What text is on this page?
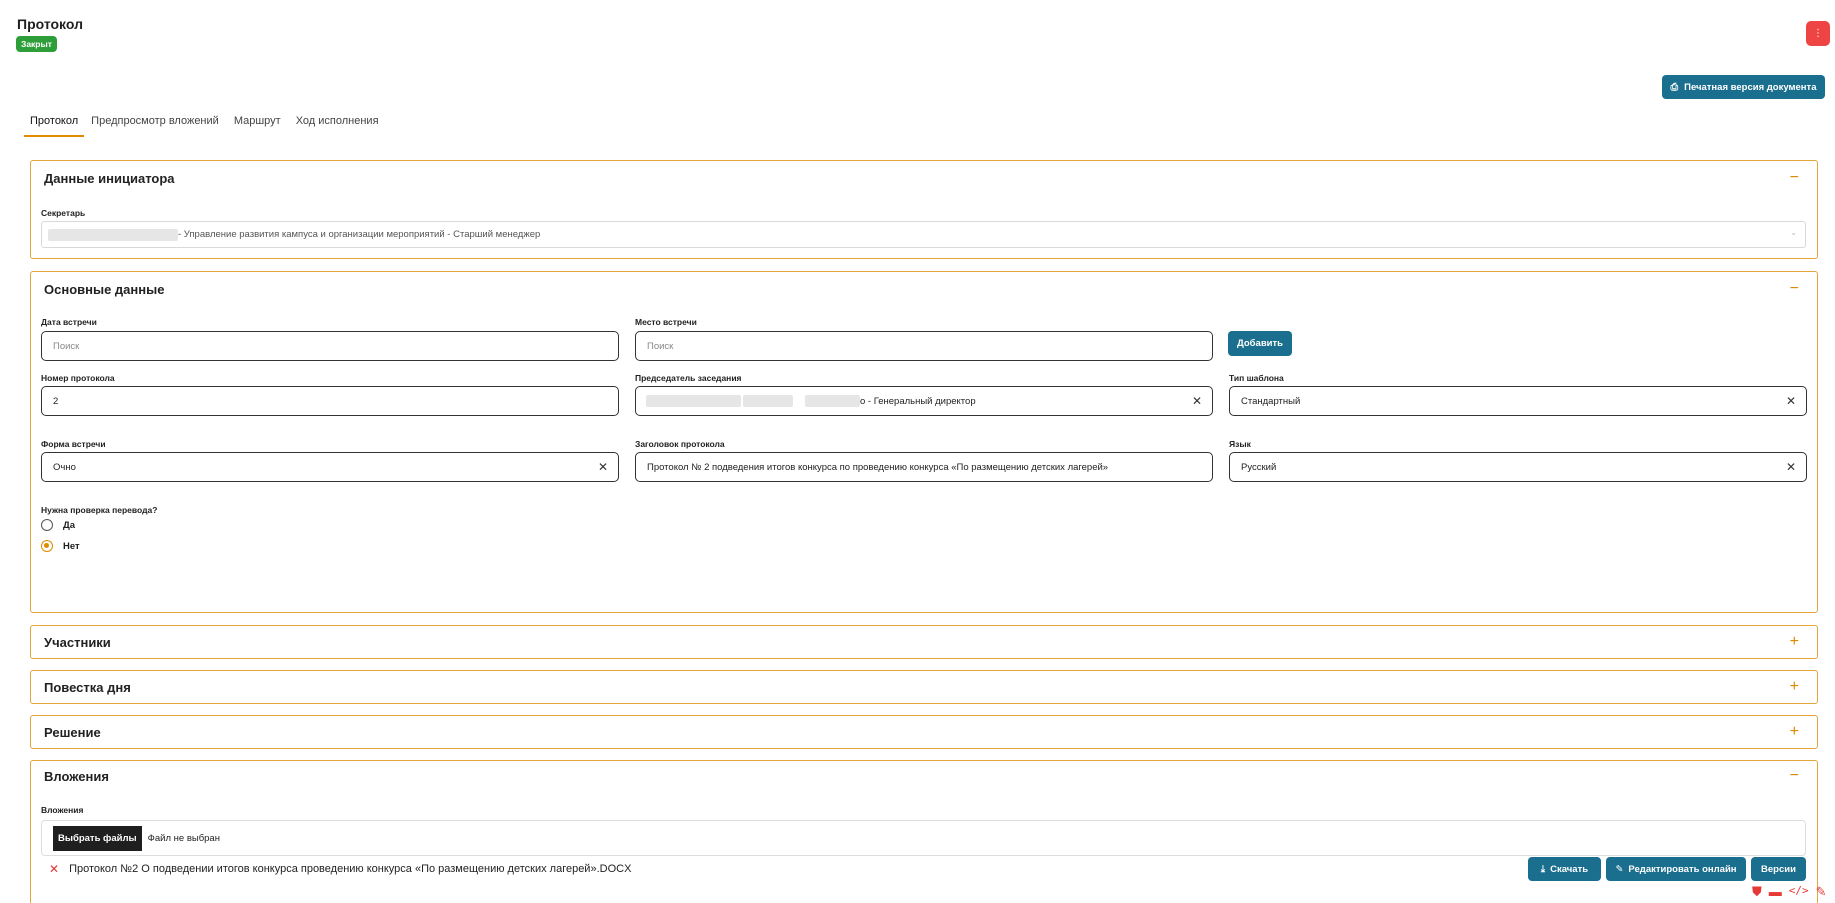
Протокол
Закрыт
⋮
⎙ Печатная версия документа
Протокол	Предпросмотр вложений	Маршрут	Ход исполнения
Данные инициатора	−
Секретарь
- Управление развития кампуса и организации мероприятий - Старший менеджер	⌄
Основные данные	−
Дата встречи
Поиск
Место встречи
Поиск
Номер протокола
2
Председатель заседания
о - Генеральный директор	✕
Тип шаблона
Стандартный	✕
Форма встречи
Очно	✕
Заголовок протокола
Протокол № 2 подведения итогов конкурса по проведению конкурса «По размещению детских лагерей»
Язык
Русский	✕
Нужна проверка перевода?
Добавить
Да
Нет
Участники	+
Повестка дня	+
Решение	+
Вложения	−
Вложения
Выбрать файлы	Файл не выбран
✕ Протокол №2 О подведении итогов конкурса проведению конкурса «По размещению детских лагерей».DOCX	⤓ Скачать	✎ Редактировать онлайн	Версии
⛊ ▬ </> ✎
